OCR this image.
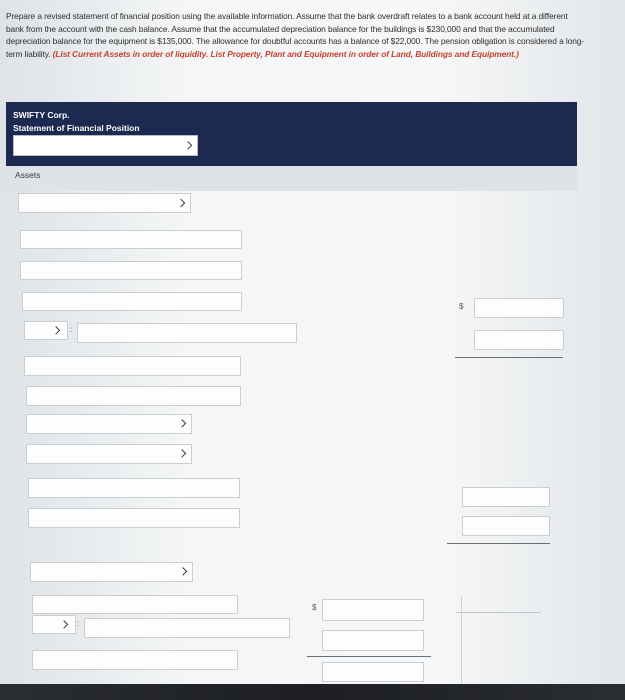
Prepare a revised statement of financial position using the available information. Assume that the bank overdraft relates to a bank account held at a different bank from the account with the cash balance. Assume that the accumulated depreciation balance for the buildings is $230,000 and that the accumulated depreciation balance for the equipment is $135,000. The allowance for doubtful accounts has a balance of $22,000. The pension obligation is considered a long-term liability. (List Current Assets in order of liquidity. List Property, Plant and Equipment in order of Land, Buildings and Equipment.)
SWIFTY Corp.
Statement of Financial Position
Assets
$
:
$
:
